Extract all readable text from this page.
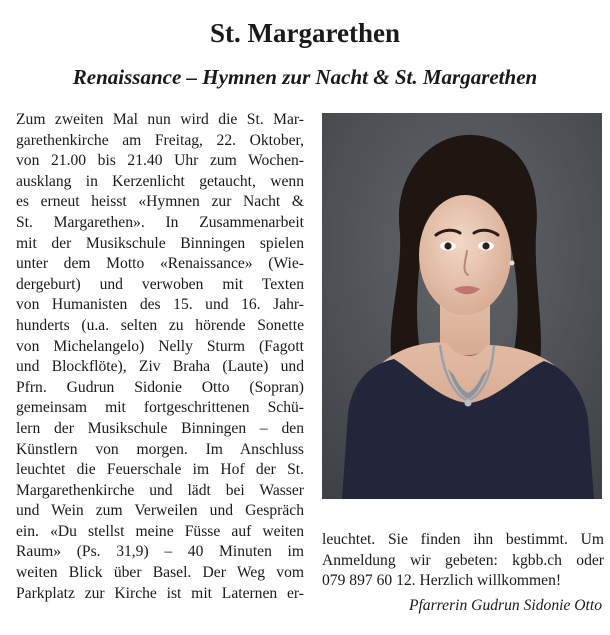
St. Margarethen
Renaissance – Hymnen zur Nacht & St. Margarethen
Zum zweiten Mal nun wird die St. Mar-
garethenkirche am Freitag, 22. Oktober,
von 21.00 bis 21.40 Uhr zum Wochen-
ausklang in Kerzenlicht getaucht, wenn
es erneut heisst «Hymnen zur Nacht &
St. Margarethen». In Zusammenarbeit
mit der Musikschule Binningen spielen
unter dem Motto «Renaissance» (Wie-
dergeburt) und verwoben mit Texten
von Humanisten des 15. und 16. Jahr-
hunderts (u.a. selten zu hörende Sonette
von Michelangelo) Nelly Sturm (Fagott
und Blockflöte), Ziv Braha (Laute) und
Pfrn. Gudrun Sidonie Otto (Sopran)
gemeinsam mit fortgeschrittenen Schü-
lern der Musikschule Binningen – den
Künstlern von morgen. Im Anschluss
leuchtet die Feuerschale im Hof der St.
Margarethenkirche und lädt bei Wasser
und Wein zum Verweilen und Gespräch
ein. «Du stellst meine Füsse auf weiten
Raum» (Ps. 31,9) – 40 Minuten im
weiten Blick über Basel. Der Weg vom
Parkplatz zur Kirche ist mit Laternen er-
leuchtet. Sie finden ihn bestimmt. Um
Anmeldung wir gebeten: kgbb.ch oder
079 897 60 12. Herzlich willkommen!
Pfarrerin Gudrun Sidonie Otto
